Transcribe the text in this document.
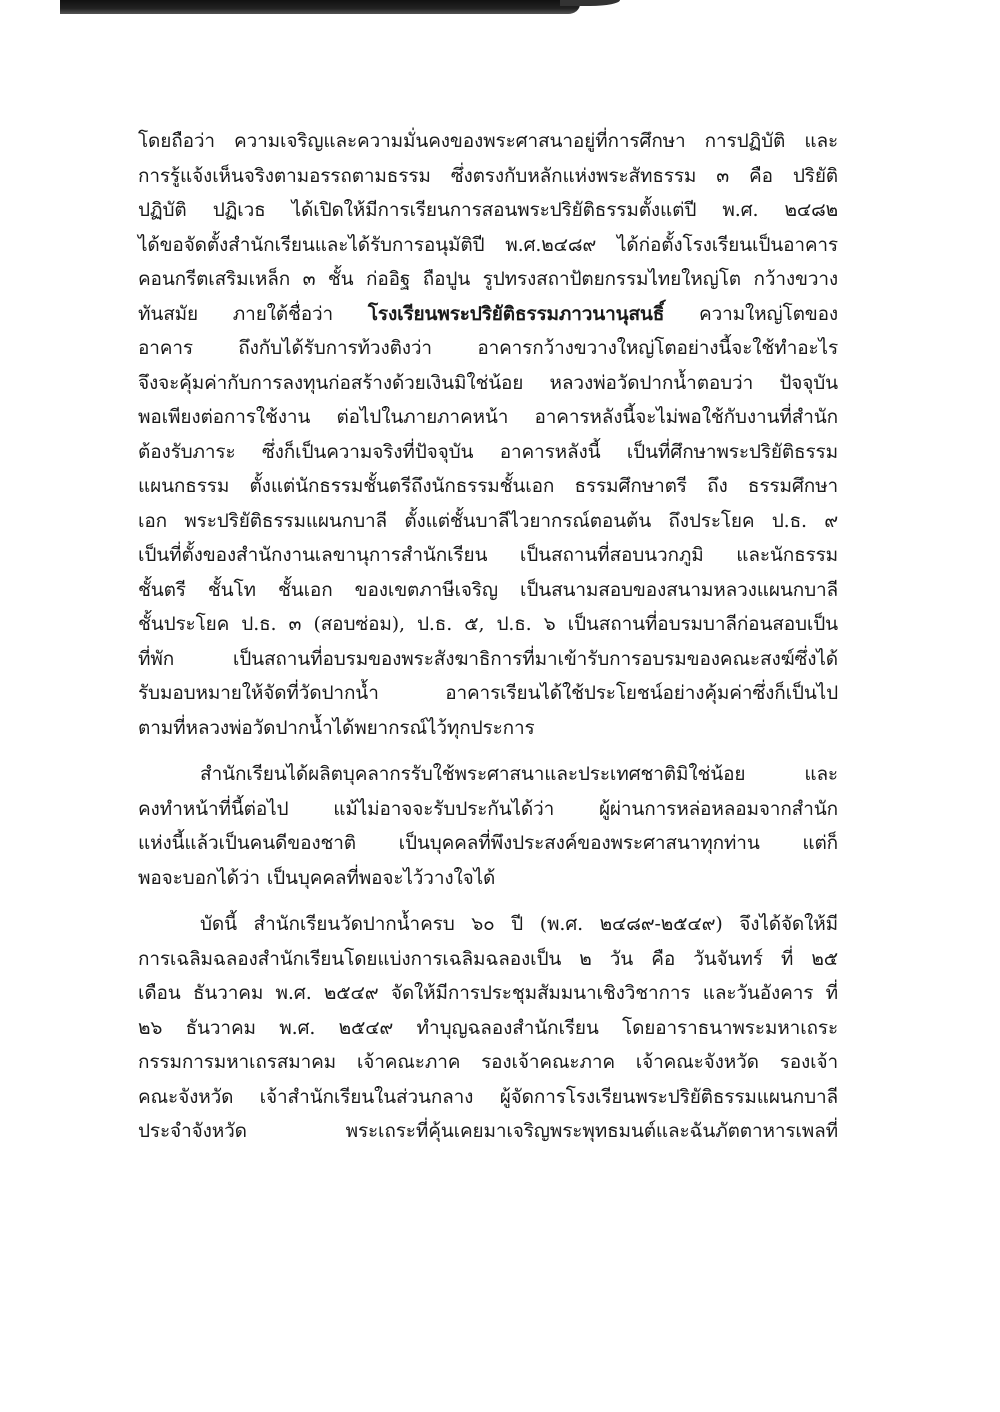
โดยถือว่า ความเจริญและความมั่นคงของพระศาสนาอยู่ที่การศึกษา การปฏิบัติ และ
การรู้แจ้งเห็นจริงตามอรรถตามธรรม ซึ่งตรงกับหลักแห่งพระสัทธรรม ๓ คือ ปริยัติ
ปฏิบัติ ปฏิเวธ ได้เปิดให้มีการเรียนการสอนพระปริยัติธรรมตั้งแต่ปี พ.ศ. ๒๔๘๒
ได้ขอจัดตั้งสำนักเรียนและได้รับการอนุมัติปี พ.ศ.๒๔๘๙ ได้ก่อตั้งโรงเรียนเป็นอาคาร
คอนกรีตเสริมเหล็ก ๓ ชั้น ก่ออิฐ ถือปูน รูปทรงสถาปัตยกรรมไทยใหญ่โต กว้างขวาง
ทันสมัย ภายใต้ชื่อว่า โรงเรียนพระปริยัติธรรมภาวนานุสนธิ์ ความใหญ่โตของ
อาคาร ถึงกับได้รับการท้วงติงว่า อาคารกว้างขวางใหญ่โตอย่างนี้จะใช้ทำอะไร
จึงจะคุ้มค่ากับการลงทุนก่อสร้างด้วยเงินมิใช่น้อย หลวงพ่อวัดปากน้ำตอบว่า ปัจจุบัน
พอเพียงต่อการใช้งาน ต่อไปในภายภาคหน้า อาคารหลังนี้จะไม่พอใช้กับงานที่สำนัก
ต้องรับภาระ ซึ่งก็เป็นความจริงที่ปัจจุบัน อาคารหลังนี้ เป็นที่ศึกษาพระปริยัติธรรม
แผนกธรรม ตั้งแต่นักธรรมชั้นตรีถึงนักธรรมชั้นเอก ธรรมศึกษาตรี ถึง ธรรมศึกษา
เอก พระปริยัติธรรมแผนกบาลี ตั้งแต่ชั้นบาลีไวยากรณ์ตอนต้น ถึงประโยค ป.ธ. ๙
เป็นที่ตั้งของสำนักงานเลขานุการสำนักเรียน เป็นสถานที่สอบนวกภูมิ และนักธรรม
ชั้นตรี ชั้นโท ชั้นเอก ของเขตภาษีเจริญ เป็นสนามสอบของสนามหลวงแผนกบาลี
ชั้นประโยค ป.ธ. ๓ (สอบซ่อม), ป.ธ. ๕, ป.ธ. ๖ เป็นสถานที่อบรมบาลีก่อนสอบเป็น
ที่พัก เป็นสถานที่อบรมของพระสังฆาธิการที่มาเข้ารับการอบรมของคณะสงฆ์ซึ่งได้
รับมอบหมายให้จัดที่วัดปากน้ำ อาคารเรียนได้ใช้ประโยชน์อย่างคุ้มค่าซึ่งก็เป็นไป
ตามที่หลวงพ่อวัดปากน้ำได้พยากรณ์ไว้ทุกประการ
สำนักเรียนได้ผลิตบุคลากรรับใช้พระศาสนาและประเทศชาติมิใช่น้อย และ
คงทำหน้าที่นี้ต่อไป แม้ไม่อาจจะรับประกันได้ว่า ผู้ผ่านการหล่อหลอมจากสำนัก
แห่งนี้แล้วเป็นคนดีของชาติ เป็นบุคคลที่พึงประสงค์ของพระศาสนาทุกท่าน แต่ก็
พอจะบอกได้ว่า เป็นบุคคลที่พอจะไว้วางใจได้
บัดนี้ สำนักเรียนวัดปากน้ำครบ ๖๐ ปี (พ.ศ. ๒๔๘๙-๒๕๔๙) จึงได้จัดให้มี
การเฉลิมฉลองสำนักเรียนโดยแบ่งการเฉลิมฉลองเป็น ๒ วัน คือ วันจันทร์ ที่ ๒๕
เดือน ธันวาคม พ.ศ. ๒๕๔๙ จัดให้มีการประชุมสัมมนาเชิงวิชาการ และวันอังคาร ที่
๒๖ ธันวาคม พ.ศ. ๒๕๔๙ ทำบุญฉลองสำนักเรียน โดยอาราธนาพระมหาเถระ
กรรมการมหาเถรสมาคม เจ้าคณะภาค รองเจ้าคณะภาค เจ้าคณะจังหวัด รองเจ้า
คณะจังหวัด เจ้าสำนักเรียนในส่วนกลาง ผู้จัดการโรงเรียนพระปริยัติธรรมแผนกบาลี
ประจำจังหวัด พระเถระที่คุ้นเคยมาเจริญพระพุทธมนต์และฉันภัตตาหารเพลที่
